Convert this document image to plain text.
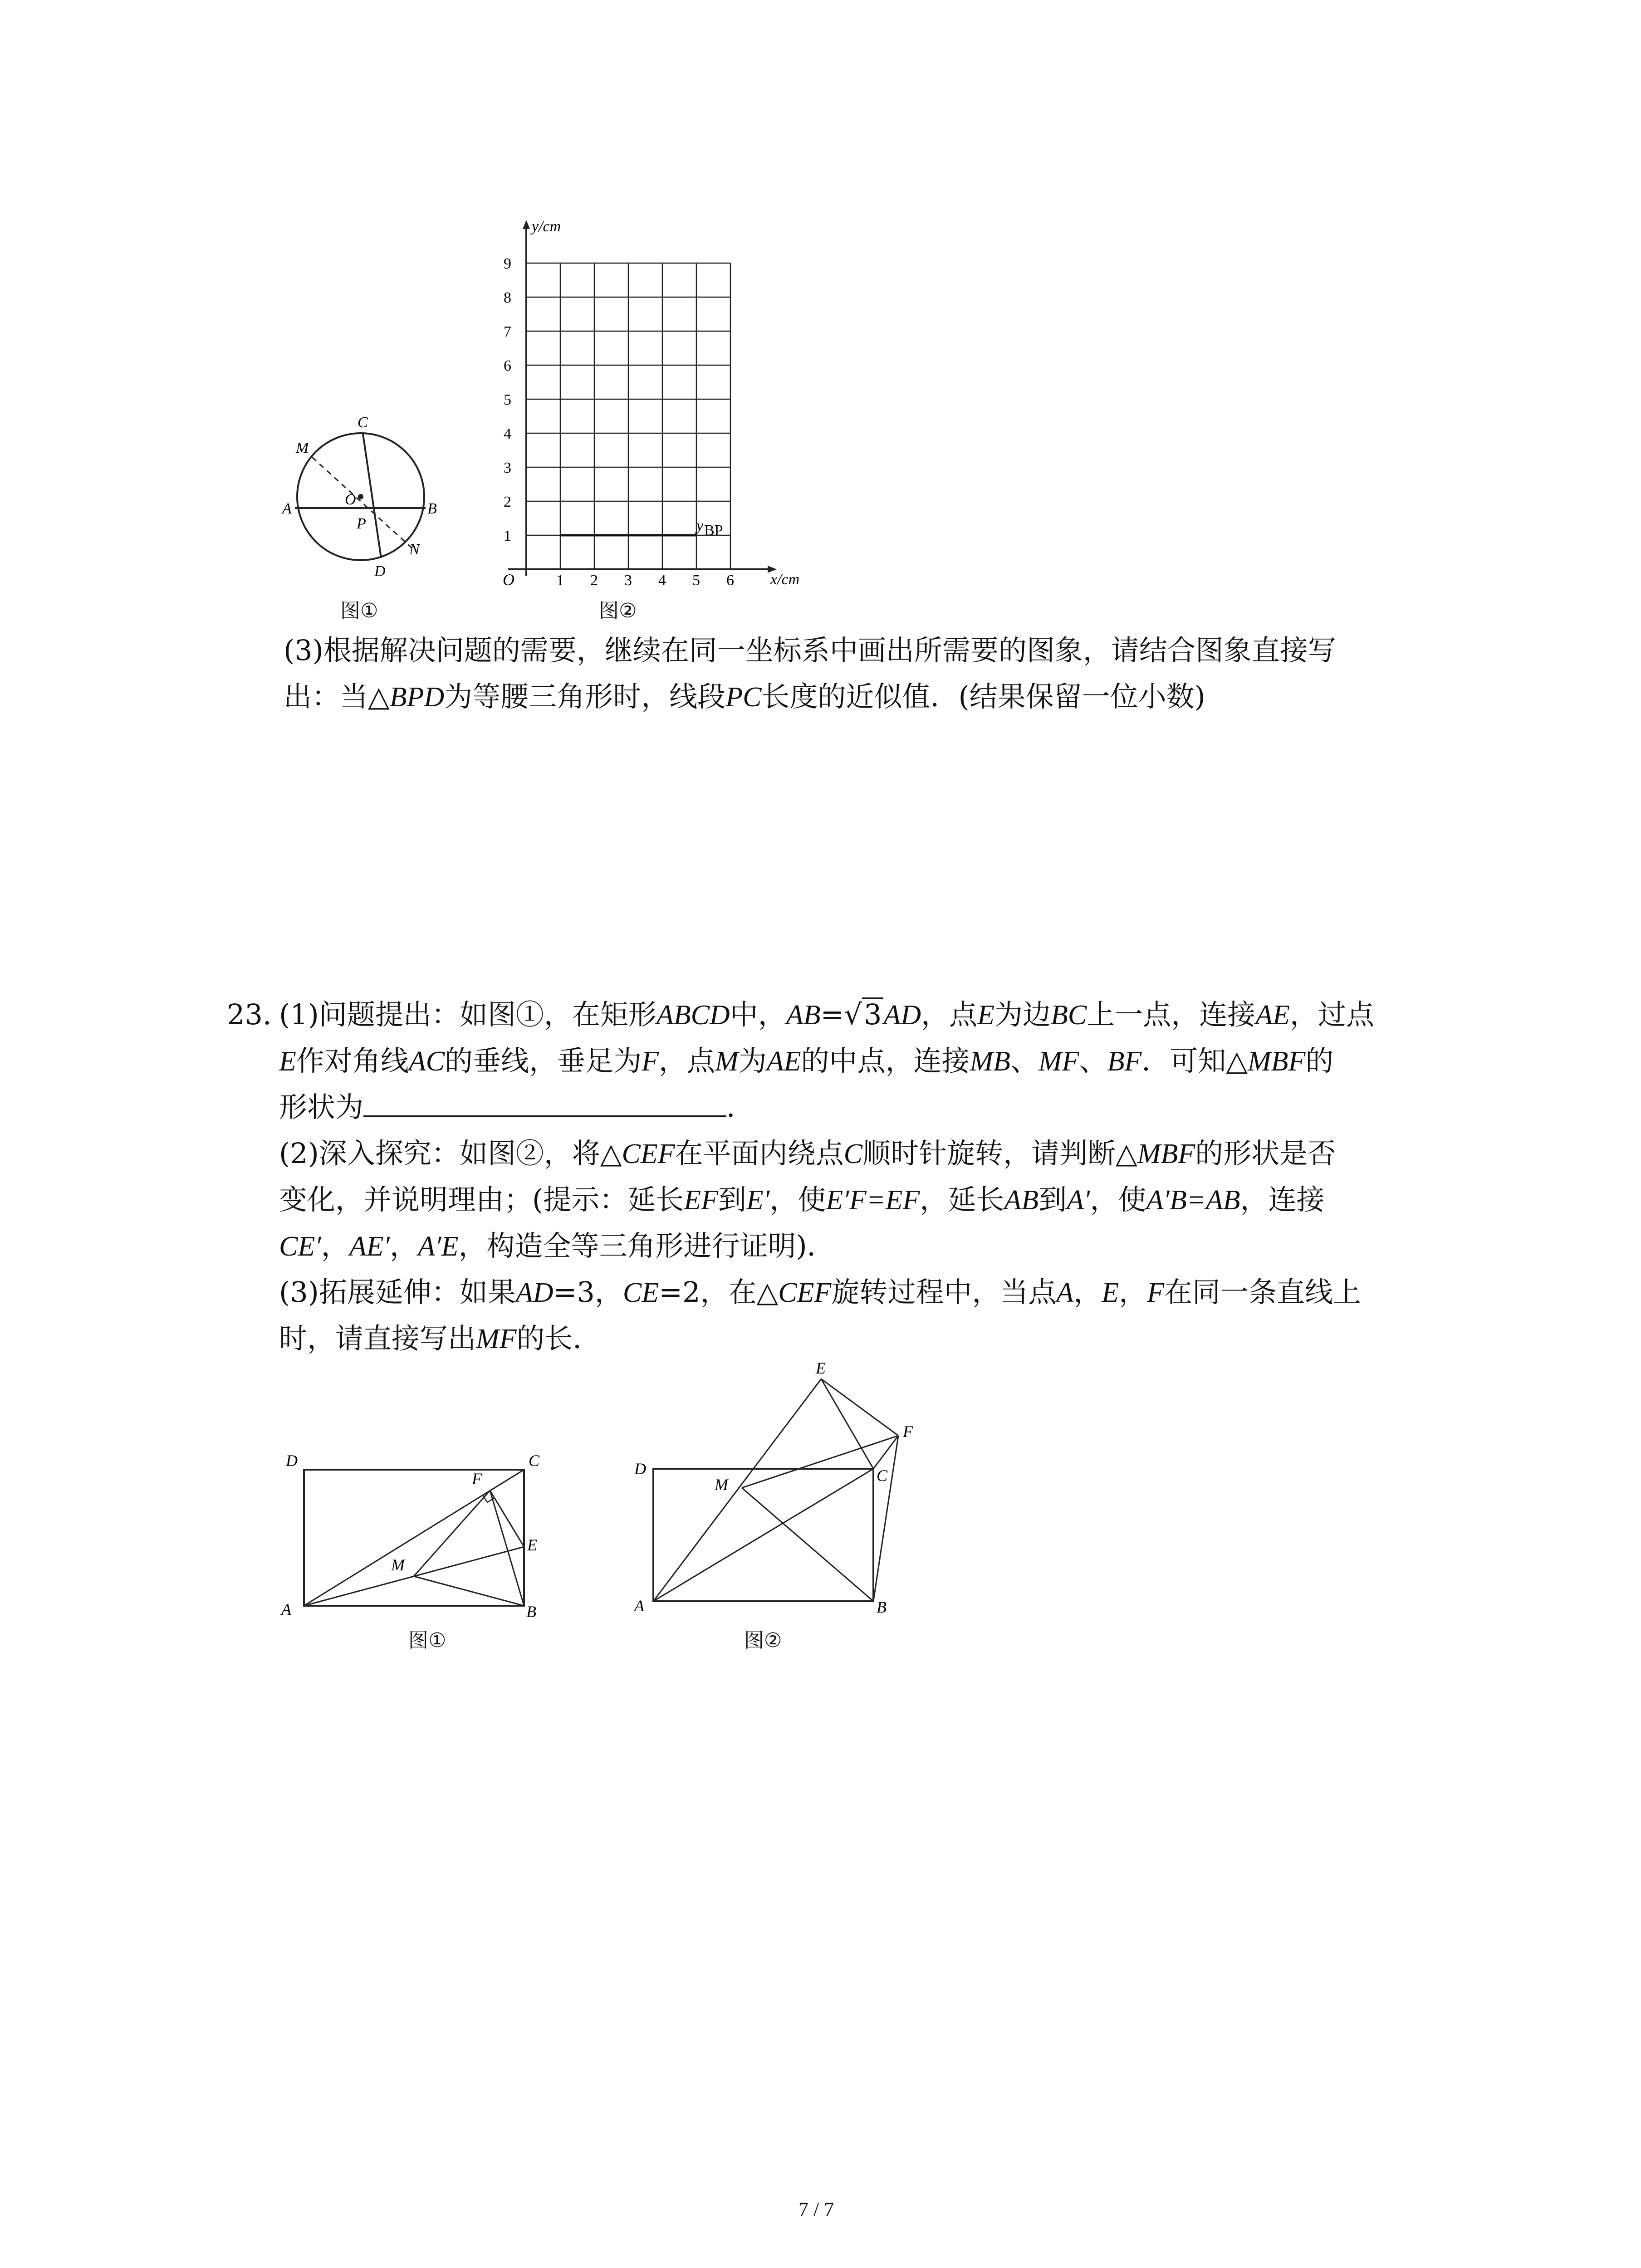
C
M
O
A
P
B
N
D
图①
y BP
y/cm
x/cm
O
1
2
3
4
5
6
7
8
9
1 2 3 4 5 6
图②
(3)根据解决问题的需要，继续在同一坐标系中画出所需要的图象，请结合图象直接写
出：当△BPD为等腰三角形时，线段PC长度的近似值．(结果保留一位小数)
23. (1)问题提出：如图①，在矩形ABCD中，AB=√3AD，点E为边BC上一点，连接AE，过点
E作对角线AC的垂线，垂足为F，点M为AE的中点，连接MB、MF、BF．可知△MBF的
形状为	．
(2)深入探究：如图②，将△CEF在平面内绕点C顺时针旋转，请判断△MBF的形状是否
变化，并说明理由；(提示：延长EF到E′，使E′F=EF，延长AB到A′，使A′B=AB，连接
CE′，AE′，A′E，构造全等三角形进行证明)．
(3)拓展延伸：如果AD=3，CE=2，在△CEF旋转过程中，当点A，E，F在同一条直线上
时，请直接写出MF的长．
D	C
F
E
M
A	B
图①
E
F
D
M	C
A	B
图②
7 / 7
